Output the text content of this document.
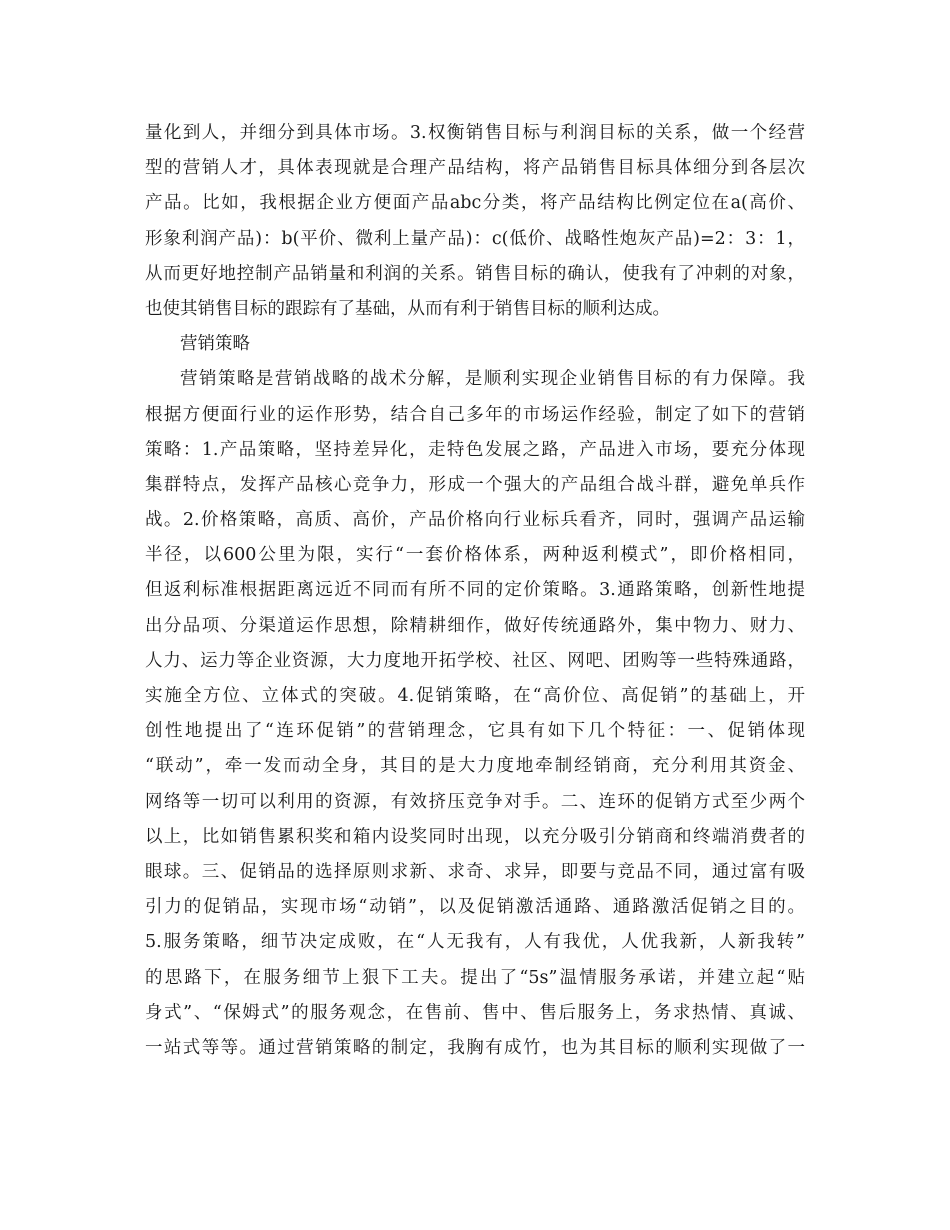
量化到人，并细分到具体市场。3.权衡销售目标与利润目标的关系，做一个经营
型的营销人才，具体表现就是合理产品结构，将产品销售目标具体细分到各层次
产品。比如，我根据企业方便面产品abc分类，将产品结构比例定位在a(高价、
形象利润产品)：b(平价、微利上量产品)：c(低价、战略性炮灰产品)=2：3：1，
从而更好地控制产品销量和利润的关系。销售目标的确认，使我有了冲刺的对象，
也使其销售目标的跟踪有了基础，从而有利于销售目标的顺利达成。
营销策略
营销策略是营销战略的战术分解，是顺利实现企业销售目标的有力保障。我
根据方便面行业的运作形势，结合自己多年的市场运作经验，制定了如下的营销
策略：1.产品策略，坚持差异化，走特色发展之路，产品进入市场，要充分体现
集群特点，发挥产品核心竞争力，形成一个强大的产品组合战斗群，避免单兵作
战。2.价格策略，高质、高价，产品价格向行业标兵看齐，同时，强调产品运输
半径，以600公里为限，实行“一套价格体系，两种返利模式”，即价格相同，
但返利标准根据距离远近不同而有所不同的定价策略。3.通路策略，创新性地提
出分品项、分渠道运作思想，除精耕细作，做好传统通路外，集中物力、财力、
人力、运力等企业资源，大力度地开拓学校、社区、网吧、团购等一些特殊通路，
实施全方位、立体式的突破。4.促销策略，在“高价位、高促销”的基础上，开
创性地提出了“连环促销”的营销理念，它具有如下几个特征：一、促销体现
“联动”，牵一发而动全身，其目的是大力度地牵制经销商，充分利用其资金、
网络等一切可以利用的资源，有效挤压竞争对手。二、连环的促销方式至少两个
以上，比如销售累积奖和箱内设奖同时出现，以充分吸引分销商和终端消费者的
眼球。三、促销品的选择原则求新、求奇、求异，即要与竞品不同，通过富有吸
引力的促销品，实现市场“动销”，以及促销激活通路、通路激活促销之目的。
5.服务策略，细节决定成败，在“人无我有，人有我优，人优我新，人新我转”
的思路下，在服务细节上狠下工夫。提出了“5s”温情服务承诺，并建立起“贴
身式”、“保姆式”的服务观念，在售前、售中、售后服务上，务求热情、真诚、
一站式等等。通过营销策略的制定，我胸有成竹，也为其目标的顺利实现做了一
